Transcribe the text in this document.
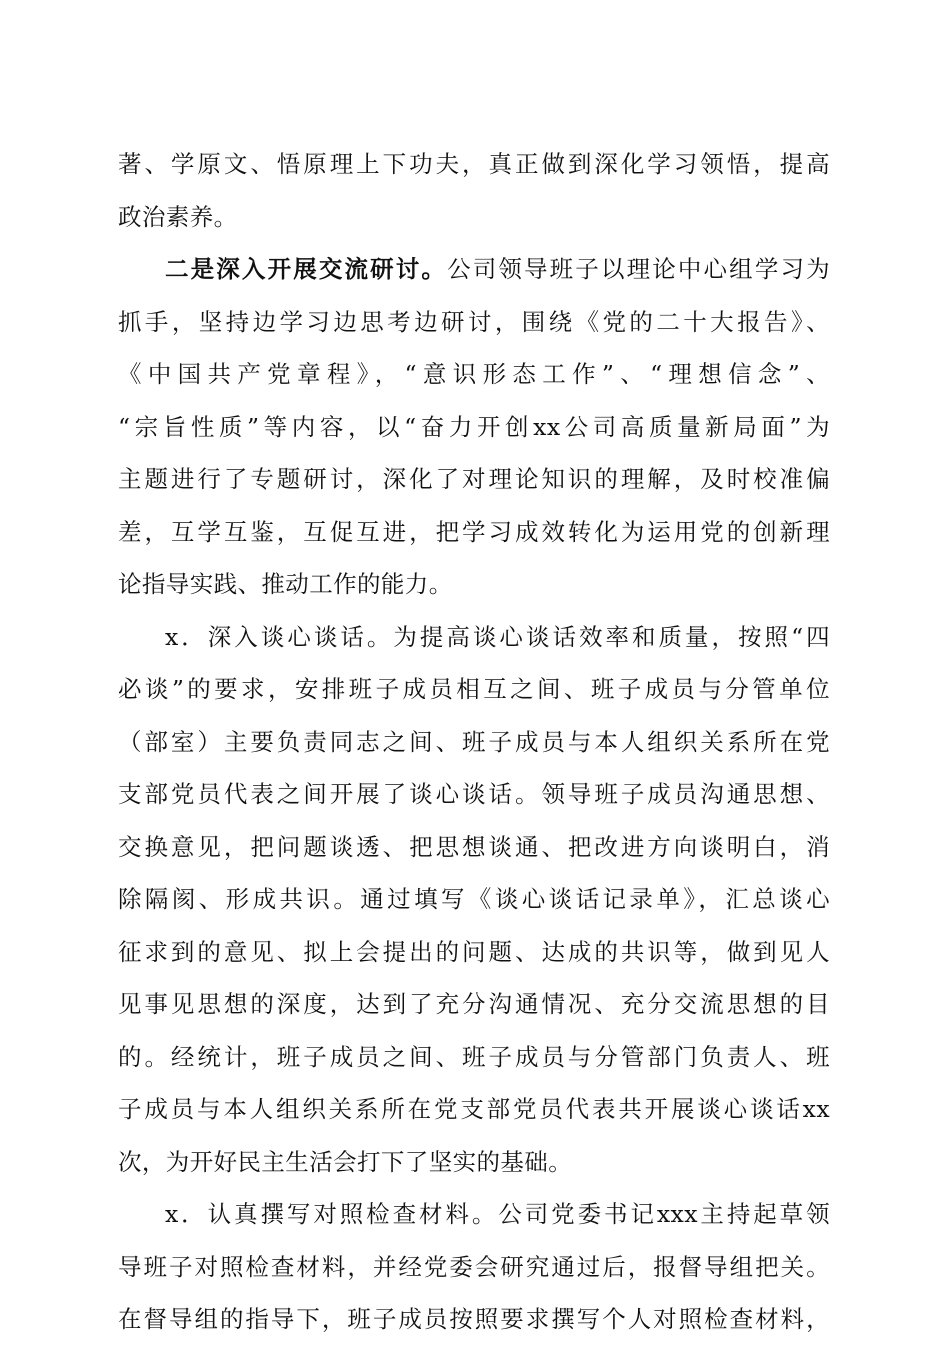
著、学原文、悟原理上下功夫，真正做到深化学习领悟，提高
政治素养。
二是深入开展交流研讨。公司领导班子以理论中心组学习为
抓手，坚持边学习边思考边研讨，围绕《党的二十大报告》、
《中国共产党章程》，“意识形态工作”、“理想信念”、
“宗旨性质”等内容，以“奋力开创xx公司高质量新局面”为
主题进行了专题研讨，深化了对理论知识的理解，及时校准偏
差，互学互鉴，互促互进，把学习成效转化为运用党的创新理
论指导实践、推动工作的能力。
x．深入谈心谈话。为提高谈心谈话效率和质量，按照“四
必谈”的要求，安排班子成员相互之间、班子成员与分管单位
（部室）主要负责同志之间、班子成员与本人组织关系所在党
支部党员代表之间开展了谈心谈话。领导班子成员沟通思想、
交换意见，把问题谈透、把思想谈通、把改进方向谈明白，消
除隔阂、形成共识。通过填写《谈心谈话记录单》，汇总谈心
征求到的意见、拟上会提出的问题、达成的共识等，做到见人
见事见思想的深度，达到了充分沟通情况、充分交流思想的目
的。经统计，班子成员之间、班子成员与分管部门负责人、班
子成员与本人组织关系所在党支部党员代表共开展谈心谈话xx
次，为开好民主生活会打下了坚实的基础。
x．认真撰写对照检查材料。公司党委书记xxx主持起草领
导班子对照检查材料，并经党委会研究通过后，报督导组把关。
在督导组的指导下，班子成员按照要求撰写个人对照检查材料，
